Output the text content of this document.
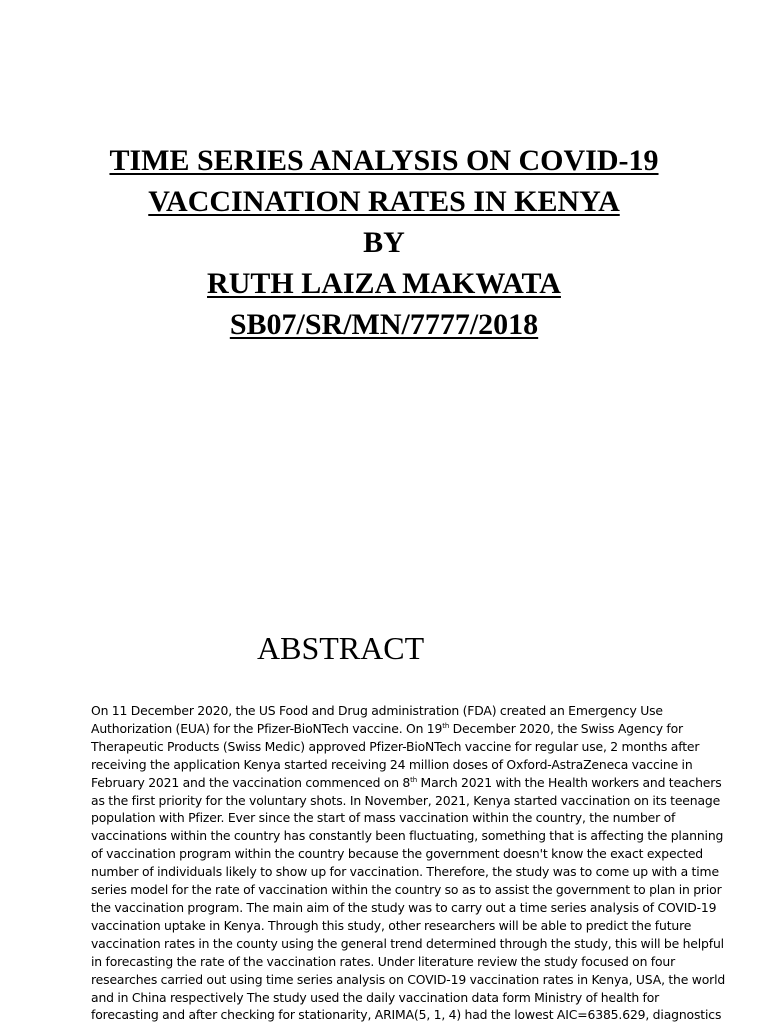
TIME SERIES ANALYSIS ON COVID-19
VACCINATION RATES IN KENYA
BY
RUTH LAIZA MAKWATA
SB07/SR/MN/7777/2018
ABSTRACT
On 11 December 2020, the US Food and Drug administration (FDA) created an Emergency Use
Authorization (EUA) for the Pfizer-BioNTech vaccine. On 19th December 2020, the Swiss Agency for
Therapeutic Products (Swiss Medic) approved Pfizer-BioNTech vaccine for regular use, 2 months after
receiving the application Kenya started receiving 24 million doses of Oxford-AstraZeneca vaccine in
February 2021 and the vaccination commenced on 8th March 2021 with the Health workers and teachers
as the first priority for the voluntary shots. In November, 2021, Kenya started vaccination on its teenage
population with Pfizer. Ever since the start of mass vaccination within the country, the number of
vaccinations within the country has constantly been fluctuating, something that is affecting the planning
of vaccination program within the country because the government doesn't know the exact expected
number of individuals likely to show up for vaccination. Therefore, the study was to come up with a time
series model for the rate of vaccination within the country so as to assist the government to plan in prior
the vaccination program. The main aim of the study was to carry out a time series analysis of COVID-19
vaccination uptake in Kenya. Through this study, other researchers will be able to predict the future
vaccination rates in the county using the general trend determined through the study, this will be helpful
in forecasting the rate of the vaccination rates. Under literature review the study focused on four
researches carried out using time series analysis on COVID-19 vaccination rates in Kenya, USA, the world
and in China respectively The study used the daily vaccination data form Ministry of health for
forecasting and after checking for stationarity, ARIMA(5, 1, 4) had the lowest AIC=6385.629, diagnostics
